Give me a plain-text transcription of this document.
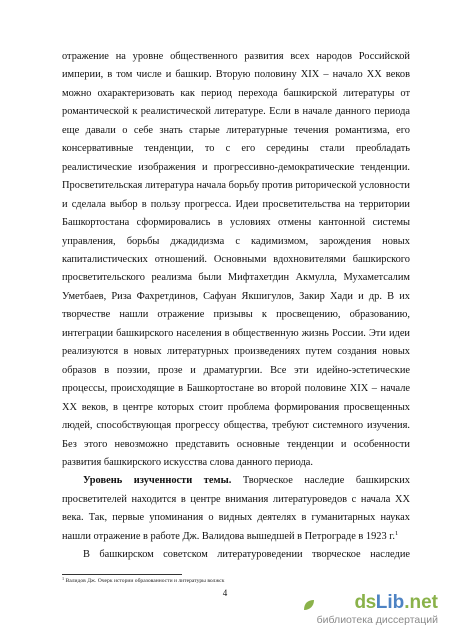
отражение на уровне общественного развития всех народов Российской империи, в том числе и башкир. Вторую половину XIX – начало XX веков можно охарактеризовать как период перехода башкирской литературы от романтической к реалистической литературе. Если в начале данного периода еще давали о себе знать старые литературные течения романтизма, его консервативные тенденции, то с его середины стали преобладать реалистические изображения и прогрессивно-демократические тенденции. Просветительская литература начала борьбу против риторической условности и сделала выбор в пользу прогресса. Идеи просветительства на территории Башкортостана сформировались в условиях отмены кантонной системы управления, борьбы джадидизма с кадимизмом, зарождения новых капиталистических отношений. Основными вдохновителями башкирского просветительского реализма были Мифтахетдин Акмулла, Мухаметсалим Уметбаев, Риза Фахретдинов, Сафуан Якшигулов, Закир Хади и др. В их творчестве нашли отражение призывы к просвещению, образованию, интеграции башкирского населения в общественную жизнь России. Эти идеи реализуются в новых литературных произведениях путем создания новых образов в поэзии, прозе и драматургии. Все эти идейно-эстетические процессы, происходящие в Башкортостане во второй половине XIX – начале XX веков, в центре которых стоит проблема формирования просвещенных людей, способствующая прогрессу общества, требуют системного изучения. Без этого невозможно представить основные тенденции и особенности развития башкирского искусства слова данного периода.

Уровень изученности темы. Творческое наследие башкирских просветителей находится в центре внимания литературоведов с начала XX века. Так, первые упоминания о видных деятелях в гуманитарных науках нашли отражение в работе Дж. Валидова вышедшей в Петрограде в 1923 г.$^1$

В башкирском советском литературоведении творческое наследие

$^1$ Валидов Дж. Очерк истории образованности и литературы волжск
4	dsLib.net
библиотека диссертаций
